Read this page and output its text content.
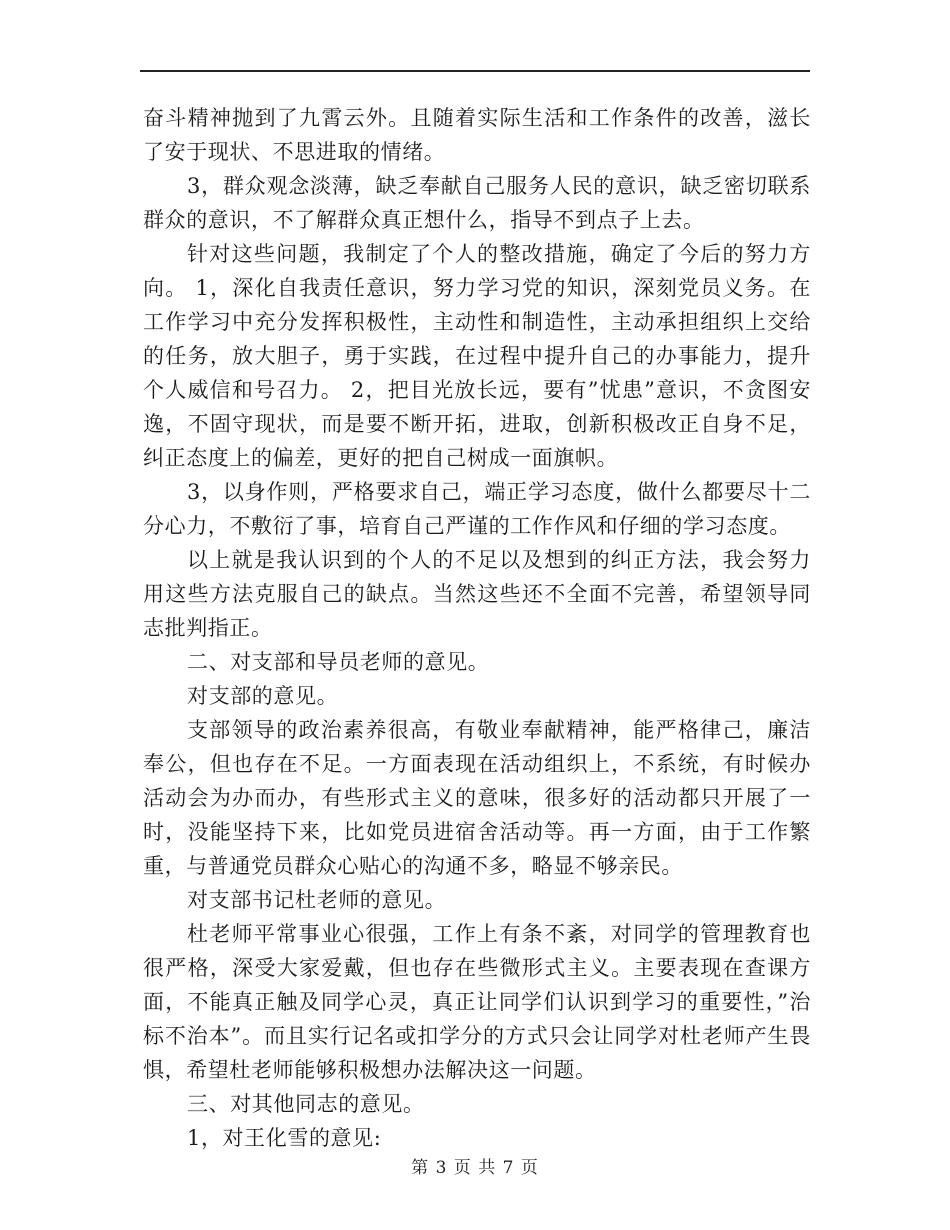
奋斗精神抛到了九霄云外。且随着实际生活和工作条件的改善，滋长了安于现状、不思进取的情绪。

3，群众观念淡薄，缺乏奉献自己服务人民的意识，缺乏密切联系群众的意识，不了解群众真正想什么，指导不到点子上去。

针对这些问题，我制定了个人的整改措施，确定了今后的努力方向。 1，深化自我责任意识，努力学习党的知识，深刻党员义务。在工作学习中充分发挥积极性，主动性和制造性，主动承担组织上交给的任务，放大胆子，勇于实践，在过程中提升自己的办事能力，提升个人威信和号召力。 2，把目光放长远，要有”忧患”意识，不贪图安逸，不固守现状，而是要不断开拓，进取，创新积极改正自身不足，纠正态度上的偏差，更好的把自己树成一面旗帜。

3，以身作则，严格要求自己，端正学习态度，做什么都要尽十二分心力，不敷衍了事，培育自己严谨的工作作风和仔细的学习态度。

以上就是我认识到的个人的不足以及想到的纠正方法，我会努力用这些方法克服自己的缺点。当然这些还不全面不完善，希望领导同志批判指正。

二、对支部和导员老师的意见。

对支部的意见。

支部领导的政治素养很高，有敬业奉献精神，能严格律己，廉洁奉公，但也存在不足。一方面表现在活动组织上，不系统，有时候办活动会为办而办，有些形式主义的意味，很多好的活动都只开展了一时，没能坚持下来，比如党员进宿舍活动等。再一方面，由于工作繁重，与普通党员群众心贴心的沟通不多，略显不够亲民。

对支部书记杜老师的意见。

杜老师平常事业心很强，工作上有条不紊，对同学的管理教育也很严格，深受大家爱戴，但也存在些微形式主义。主要表现在查课方面，不能真正触及同学心灵，真正让同学们认识到学习的重要性，”治标不治本”。而且实行记名或扣学分的方式只会让同学对杜老师产生畏惧，希望杜老师能够积极想办法解决这一问题。

三、对其他同志的意见。

1，对王化雪的意见:

第 3 页 共 7 页
